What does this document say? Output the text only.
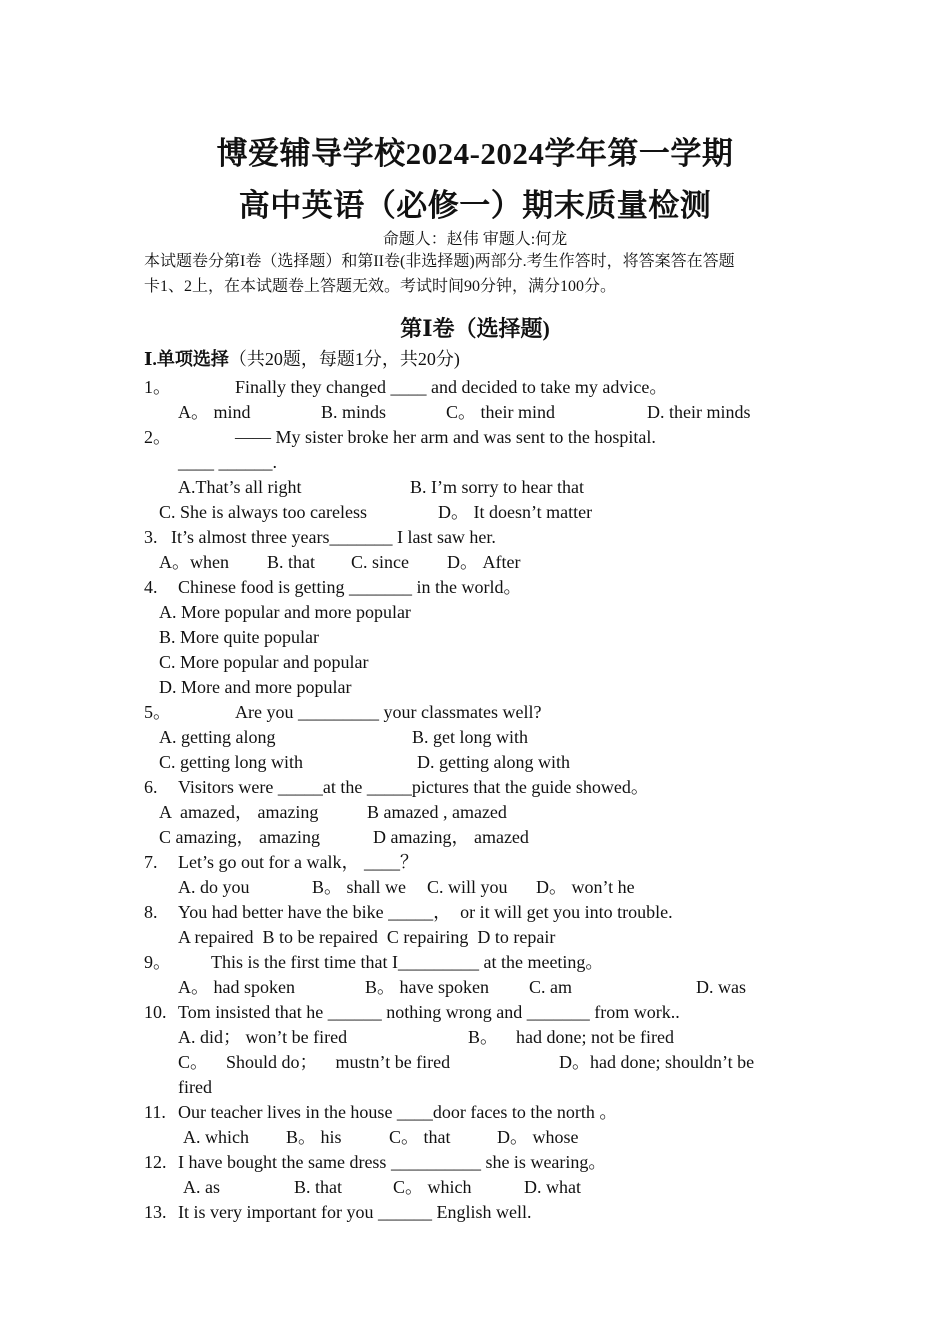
博爱辅导学校2024-2024学年第一学期
高中英语（必修一）期末质量检测
命题人：赵伟 审题人:何龙
本试题卷分第I卷（选择题）和第II卷(非选择题)两部分.考生作答时，将答案答在答题
卡1、2上，在本试题卷上答题无效。考试时间90分钟，满分100分。
第Ⅰ卷（选择题)
Ⅰ.单项选择（共20题，每题1分，共20分)
1。	Finally they changed ____ and decided to take my advice。
A。 mind	B. minds	C。 their mind	D. their minds
2。	—— My sister broke her arm and was sent to the hospital.
____ ______.
A.That’s all right	B. I’m sorry to hear that
C. She is always too careless	D。 It doesn’t matter
3.   It’s almost three years_______ I last saw her.
A。when B. that C. since D。 After
4. Chinese food is getting _______ in the world。
A. More popular and more popular
B. More quite popular
C. More popular and popular
D. More and more popular
5。	Are you _________ your classmates well?
A. getting along	B. get long with
C. getting long with	D. getting along with
6. Visitors were _____at the _____pictures that the guide showed。
A  amazed， amazing	B amazed , amazed
C amazing， amazing	D amazing， amazed
7. Let’s go out for a walk， ____？
A. do you	B。 shall we C. will you D。 won’t he
8. You had better have the bike _____，  or it will get you into trouble.
A repaired  B to be repaired  C repairing  D to repair
9。 This is the first time that I_________ at the meeting。
A。 had spoken	B。 have spoken C. am	D. was
10. Tom insisted that he ______ nothing wrong and _______ from work..
A. did； won’t be fired	B。    had done; not be fired
C。    Should do；    mustn’t be fired	D。had done; shouldn’t be
fired
11. Our teacher lives in the house ____door faces to the north 。
A. which B。 his	C。 that	D。 whose
12. I have bought the same dress __________ she is wearing。
A. as	B. that	C。 which	D. what
13. It is very important for you ______ English well.
